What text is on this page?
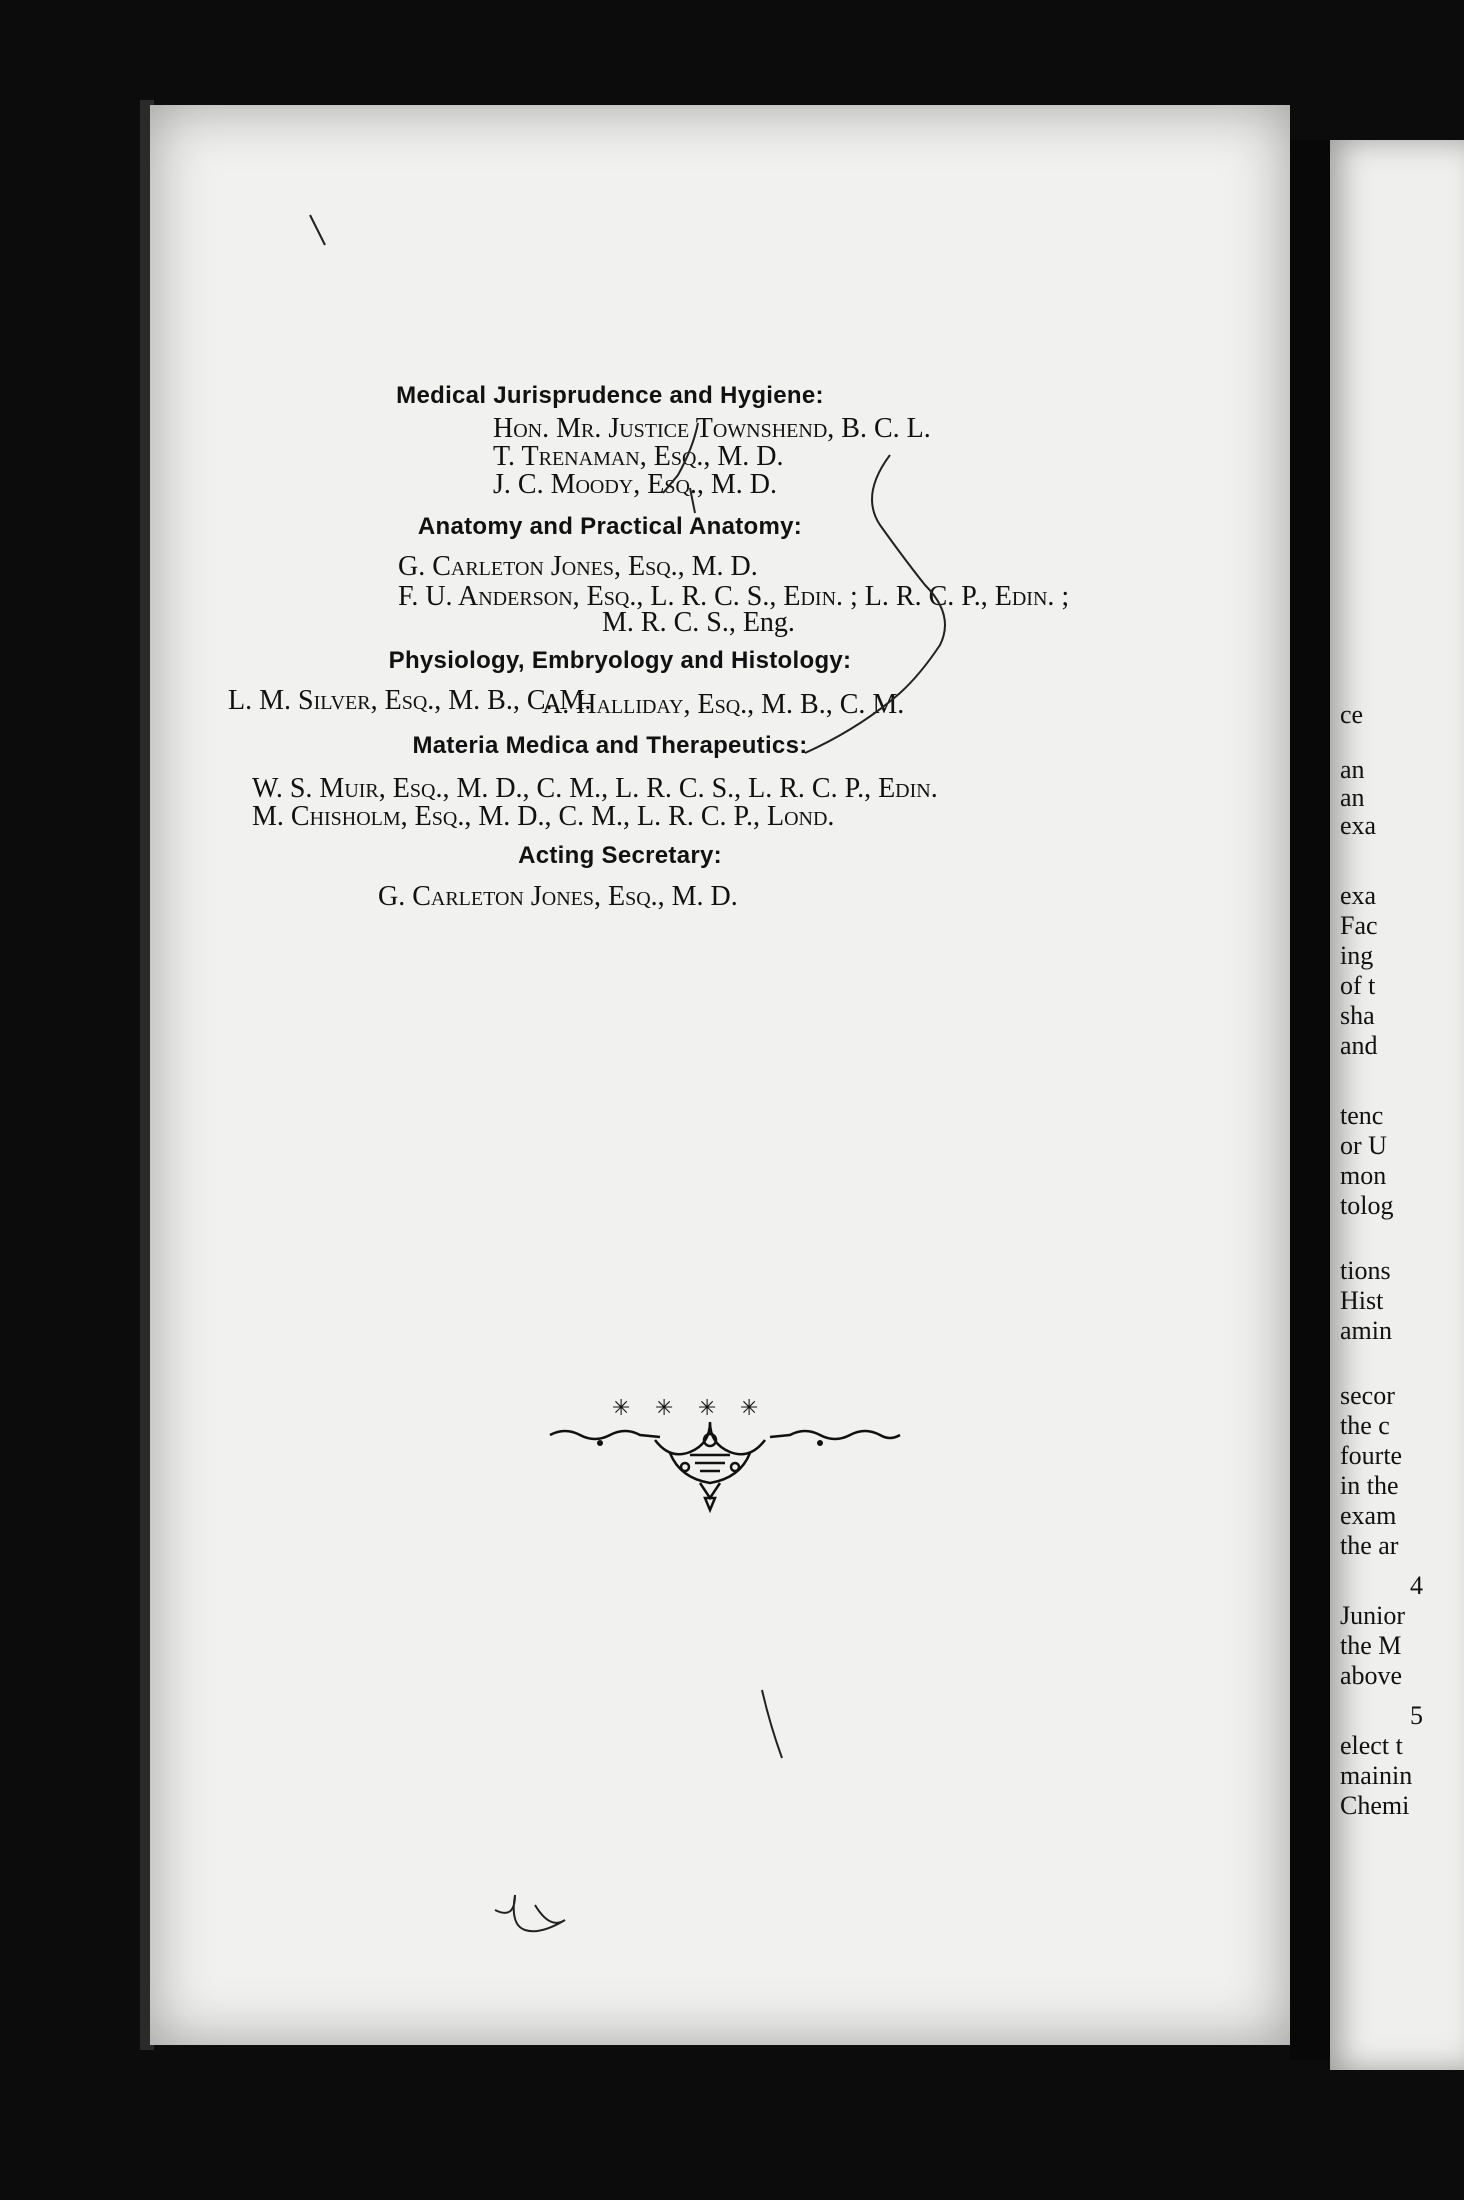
Medical Jurisprudence and Hygiene:
Hon. Mr. Justice Townshend, B. C. L.
T. Trenaman, Esq., M. D.
J. C. Moody, Esq., M. D.
Anatomy and Practical Anatomy:
G. Carleton Jones, Esq., M. D.
F. U. Anderson, Esq., L. R. C. S., Edin. ; L. R. C. P., Edin. ;
M. R. C. S., Eng.
Physiology, Embryology and Histology:
L. M. Silver, Esq., M. B., C. M.
A. Halliday, Esq., M. B., C. M.
Materia Medica and Therapeutics:
W. S. Muir, Esq., M. D., C. M., L. R. C. S., L. R. C. P., Edin.
M. Chisholm, Esq., M. D., C. M., L. R. C. P., Lond.
Acting Secretary:
G. Carleton Jones, Esq., M. D.
✳ ✳ ✳ ✳
ce
an
an
exa
exa
Fac
ing
of t
sha
and
tenc
or U
mon
tolog
tions
Hist
amin
secor
the c
fourte
in the
exam
the ar
4
Junior
the M
above
5
elect t
mainin
Chemi
